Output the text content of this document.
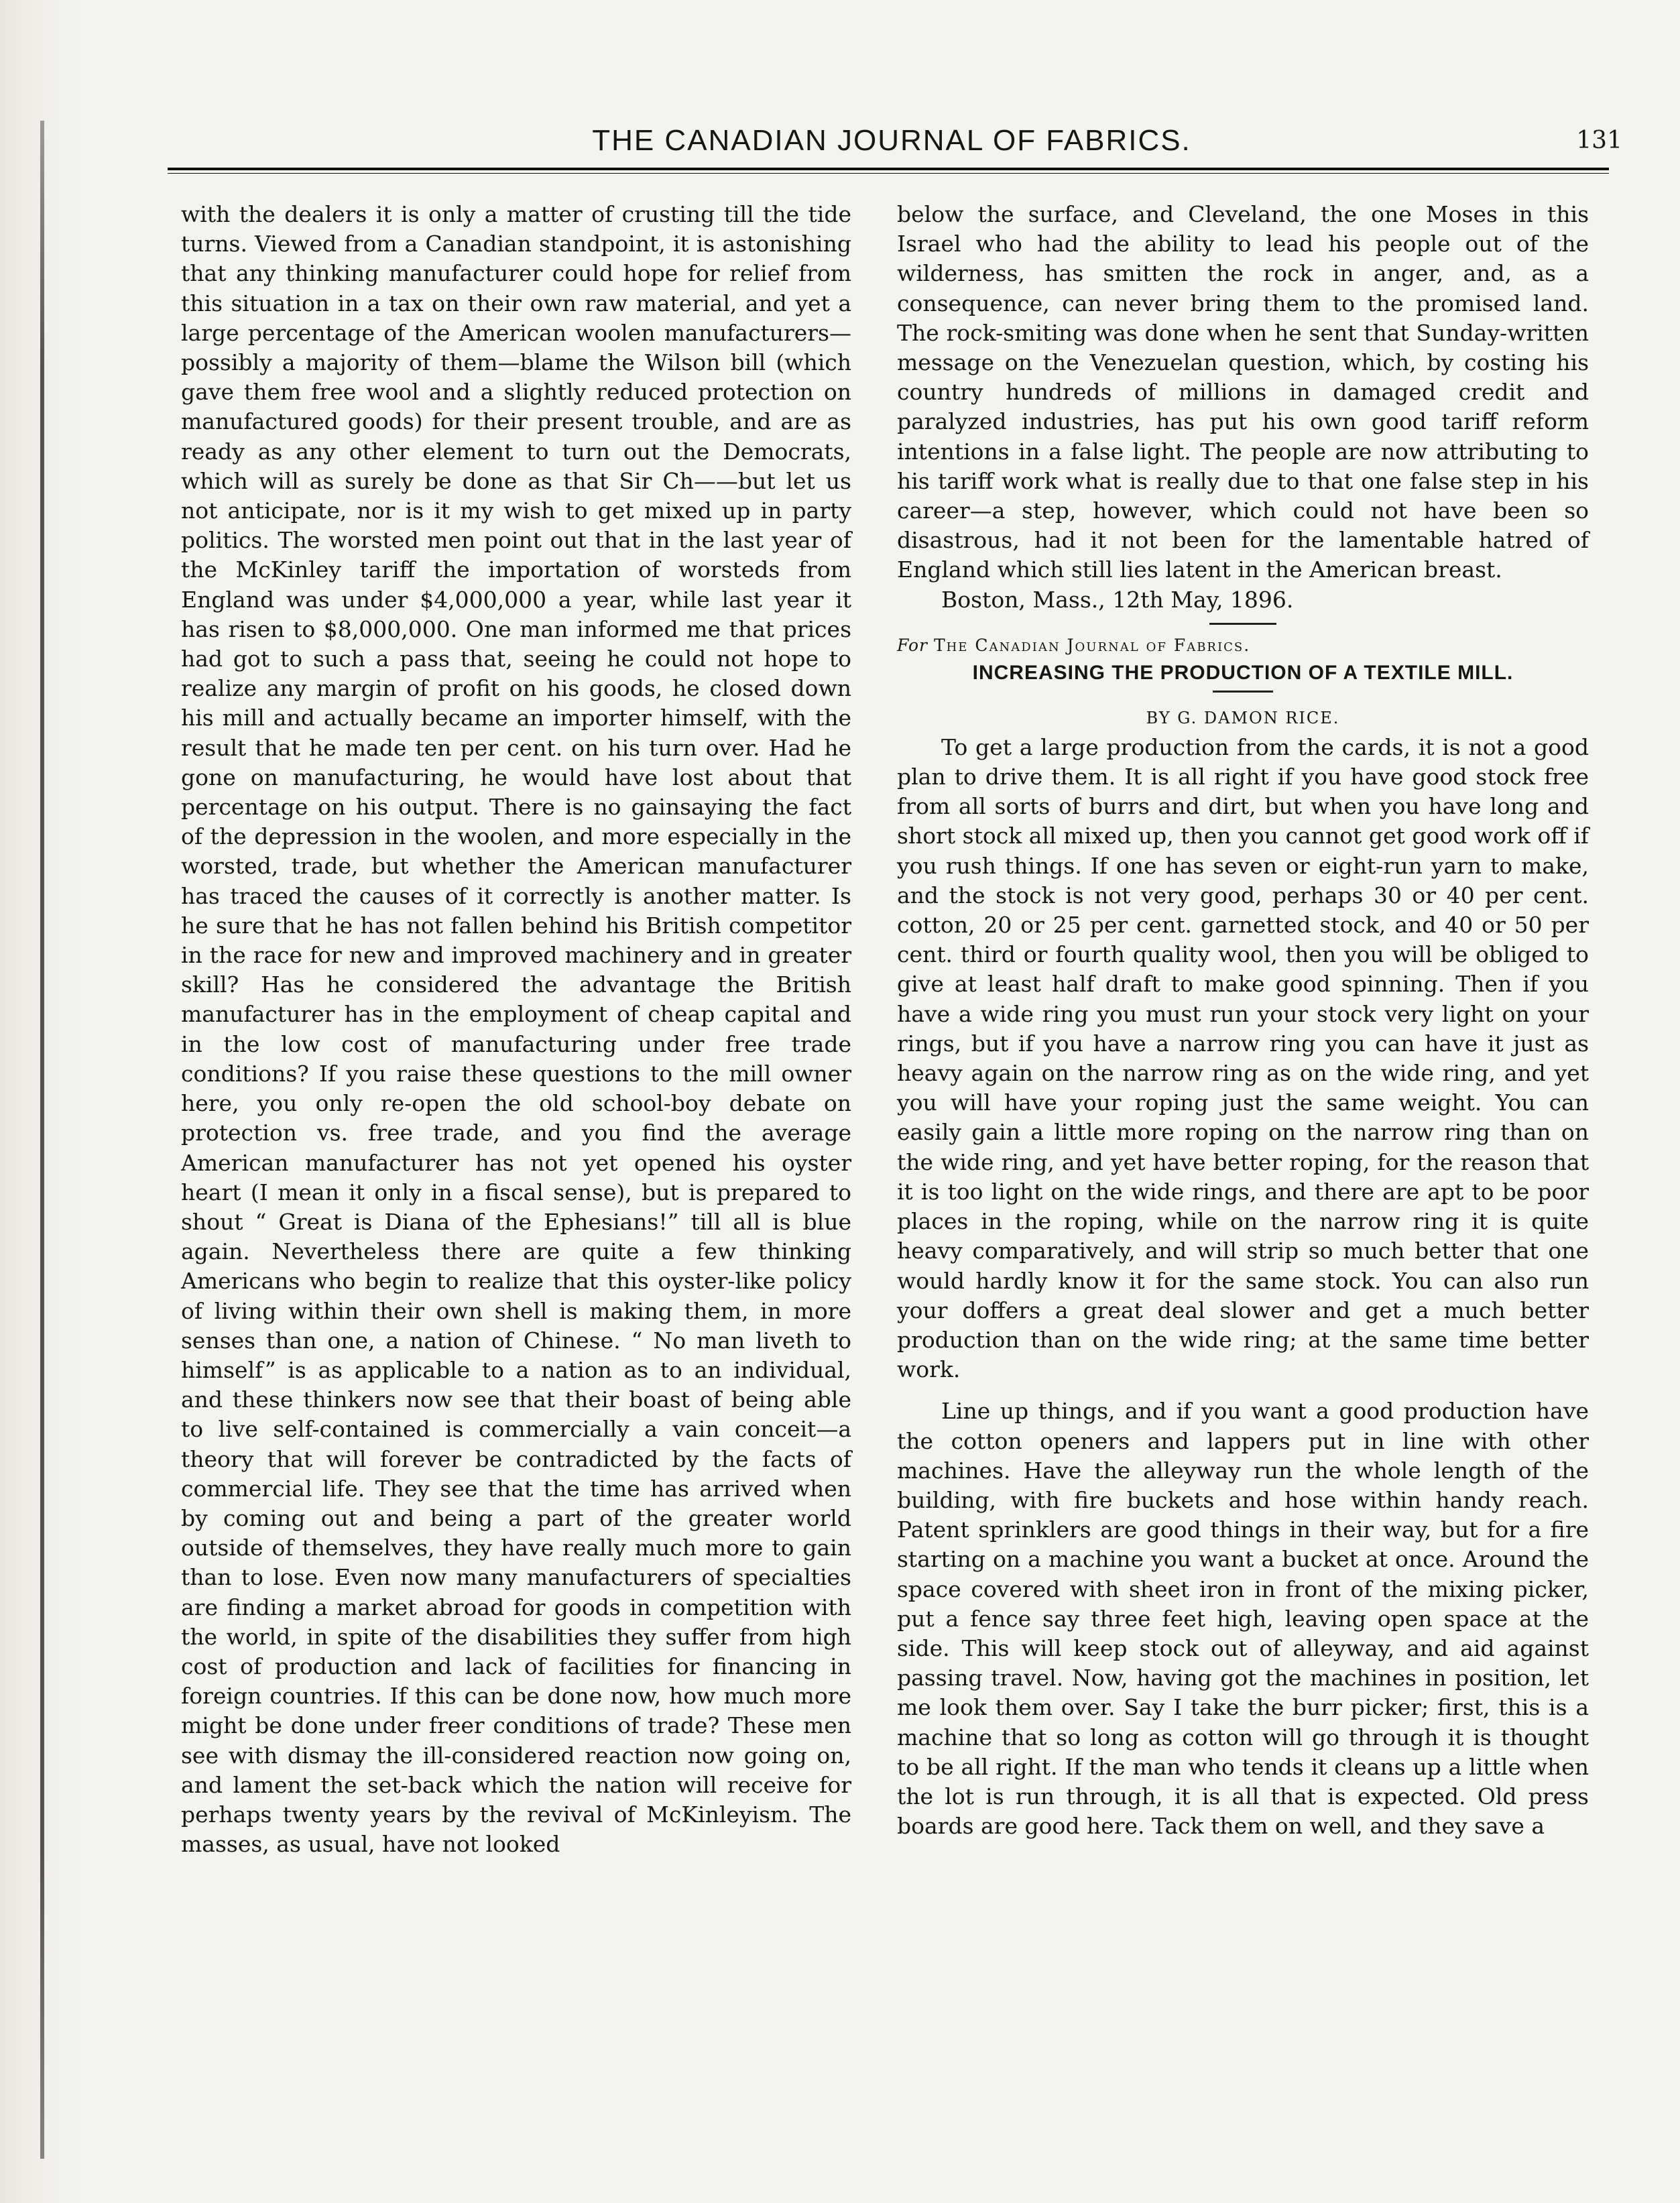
THE CANADIAN JOURNAL OF FABRICS.	131

with the dealers it is only a matter of crusting till the tide turns. Viewed from a Canadian standpoint, it is astonishing that any thinking manufacturer could hope for relief from this situation in a tax on their own raw material, and yet a large percentage of the American woolen manufacturers—possibly a majority of them—blame the Wilson bill (which gave them free wool and a slightly reduced protection on manufactured goods) for their present trouble, and are as ready as any other element to turn out the Democrats, which will as surely be done as that Sir Ch——but let us not anticipate, nor is it my wish to get mixed up in party politics. The worsted men point out that in the last year of the McKinley tariff the importation of worsteds from England was under $4,000,000 a year, while last year it has risen to $8,000,000. One man informed me that prices had got to such a pass that, seeing he could not hope to realize any margin of profit on his goods, he closed down his mill and actually became an importer himself, with the result that he made ten per cent. on his turn over. Had he gone on manufacturing, he would have lost about that percentage on his output. There is no gainsaying the fact of the depression in the woolen, and more especially in the worsted, trade, but whether the American manufacturer has traced the causes of it correctly is another matter. Is he sure that he has not fallen behind his British competitor in the race for new and improved machinery and in greater skill? Has he considered the advantage the British manufacturer has in the employment of cheap capital and in the low cost of manufacturing under free trade conditions? If you raise these questions to the mill owner here, you only re-open the old school-boy debate on protection vs. free trade, and you find the average American manufacturer has not yet opened his oyster heart (I mean it only in a fiscal sense), but is prepared to shout “ Great is Diana of the Ephesians!” till all is blue again. Nevertheless there are quite a few thinking Americans who begin to realize that this oyster-like policy of living within their own shell is making them, in more senses than one, a nation of Chinese. “ No man liveth to himself” is as applicable to a nation as to an individual, and these thinkers now see that their boast of being able to live self-contained is commercially a vain conceit—a theory that will forever be contradicted by the facts of commercial life. They see that the time has arrived when by coming out and being a part of the greater world outside of themselves, they have really much more to gain than to lose. Even now many manufacturers of specialties are finding a market abroad for goods in competition with the world, in spite of the disabilities they suffer from high cost of production and lack of facilities for financing in foreign countries. If this can be done now, how much more might be done under freer conditions of trade? These men see with dismay the ill-considered reaction now going on, and lament the set-back which the nation will receive for perhaps twenty years by the revival of McKinleyism. The masses, as usual, have not looked

below the surface, and Cleveland, the one Moses in this Israel who had the ability to lead his people out of the wilderness, has smitten the rock in anger, and, as a consequence, can never bring them to the promised land. The rock-smiting was done when he sent that Sunday-written message on the Venezuelan question, which, by costing his country hundreds of millions in damaged credit and paralyzed industries, has put his own good tariff reform intentions in a false light. The people are now attributing to his tariff work what is really due to that one false step in his career—a step, however, which could not have been so disastrous, had it not been for the lamentable hatred of England which still lies latent in the American breast.

Boston, Mass., 12th May, 1896.

For The Canadian Journal of Fabrics.

INCREASING THE PRODUCTION OF A TEXTILE MILL.

BY G. DAMON RICE.

To get a large production from the cards, it is not a good plan to drive them. It is all right if you have good stock free from all sorts of burrs and dirt, but when you have long and short stock all mixed up, then you cannot get good work off if you rush things. If one has seven or eight-run yarn to make, and the stock is not very good, perhaps 30 or 40 per cent. cotton, 20 or 25 per cent. garnetted stock, and 40 or 50 per cent. third or fourth quality wool, then you will be obliged to give at least half draft to make good spinning. Then if you have a wide ring you must run your stock very light on your rings, but if you have a narrow ring you can have it just as heavy again on the narrow ring as on the wide ring, and yet you will have your roping just the same weight. You can easily gain a little more roping on the narrow ring than on the wide ring, and yet have better roping, for the reason that it is too light on the wide rings, and there are apt to be poor places in the roping, while on the narrow ring it is quite heavy comparatively, and will strip so much better that one would hardly know it for the same stock. You can also run your doffers a great deal slower and get a much better production than on the wide ring; at the same time better work.

Line up things, and if you want a good production have the cotton openers and lappers put in line with other machines. Have the alleyway run the whole length of the building, with fire buckets and hose within handy reach. Patent sprinklers are good things in their way, but for a fire starting on a machine you want a bucket at once. Around the space covered with sheet iron in front of the mixing picker, put a fence say three feet high, leaving open space at the side. This will keep stock out of alleyway, and aid against passing travel. Now, having got the machines in position, let me look them over. Say I take the burr picker; first, this is a machine that so long as cotton will go through it is thought to be all right. If the man who tends it cleans up a little when the lot is run through, it is all that is expected. Old press boards are good here. Tack them on well, and they save a
